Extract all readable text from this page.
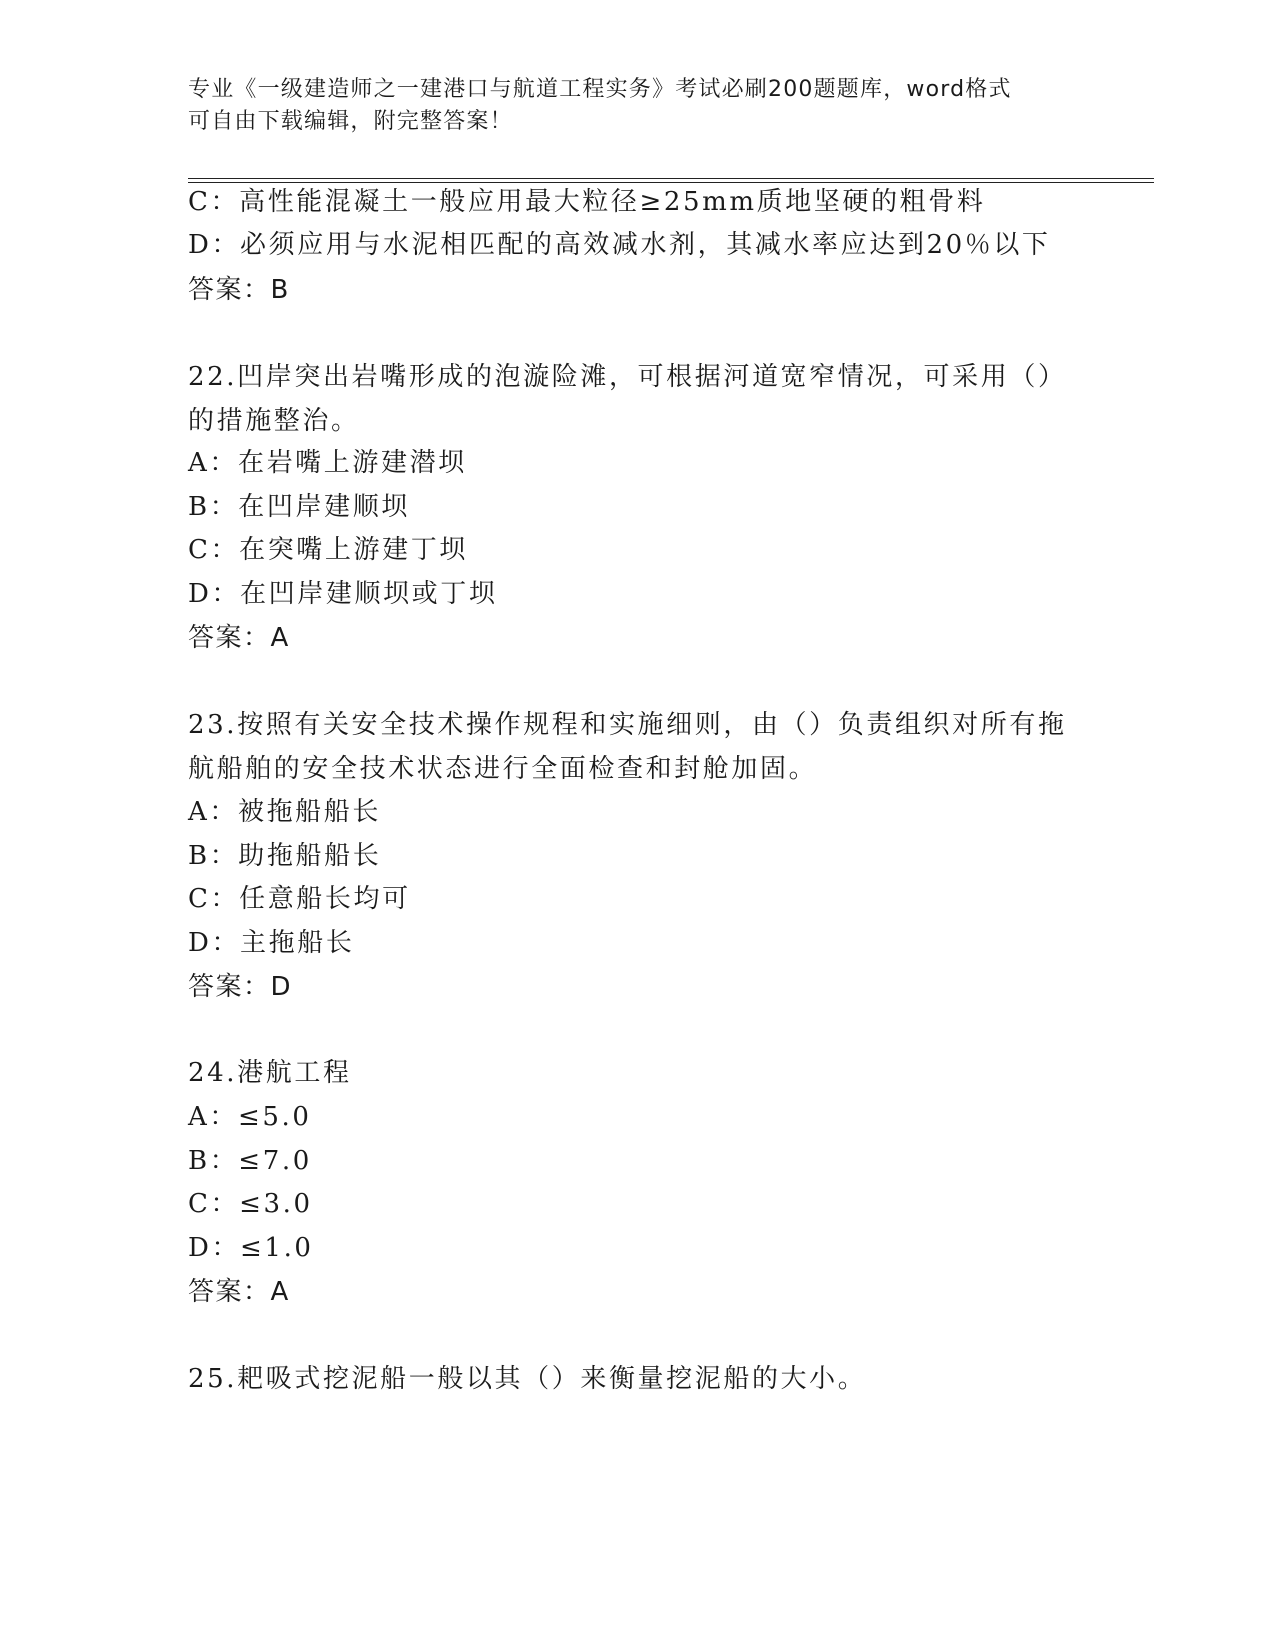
专业《一级建造师之一建港口与航道工程实务》考试必刷200题题库，word格式
可自由下载编辑，附完整答案！
C：高性能混凝土一般应用最大粒径≥25mm质地坚硬的粗骨料
D：必须应用与水泥相匹配的高效减水剂，其减水率应达到20％以下
答案：B
22.凹岸突出岩嘴形成的泡漩险滩，可根据河道宽窄情况，可采用（）
的措施整治。
A：在岩嘴上游建潜坝
B：在凹岸建顺坝
C：在突嘴上游建丁坝
D：在凹岸建顺坝或丁坝
答案：A
23.按照有关安全技术操作规程和实施细则，由（）负责组织对所有拖
航船舶的安全技术状态进行全面检查和封舱加固。
A：被拖船船长
B：助拖船船长
C：任意船长均可
D：主拖船长
答案：D
24.港航工程
A：≤5.0
B：≤7.0
C：≤3.0
D：≤1.0
答案：A
25.耙吸式挖泥船一般以其（）来衡量挖泥船的大小。
